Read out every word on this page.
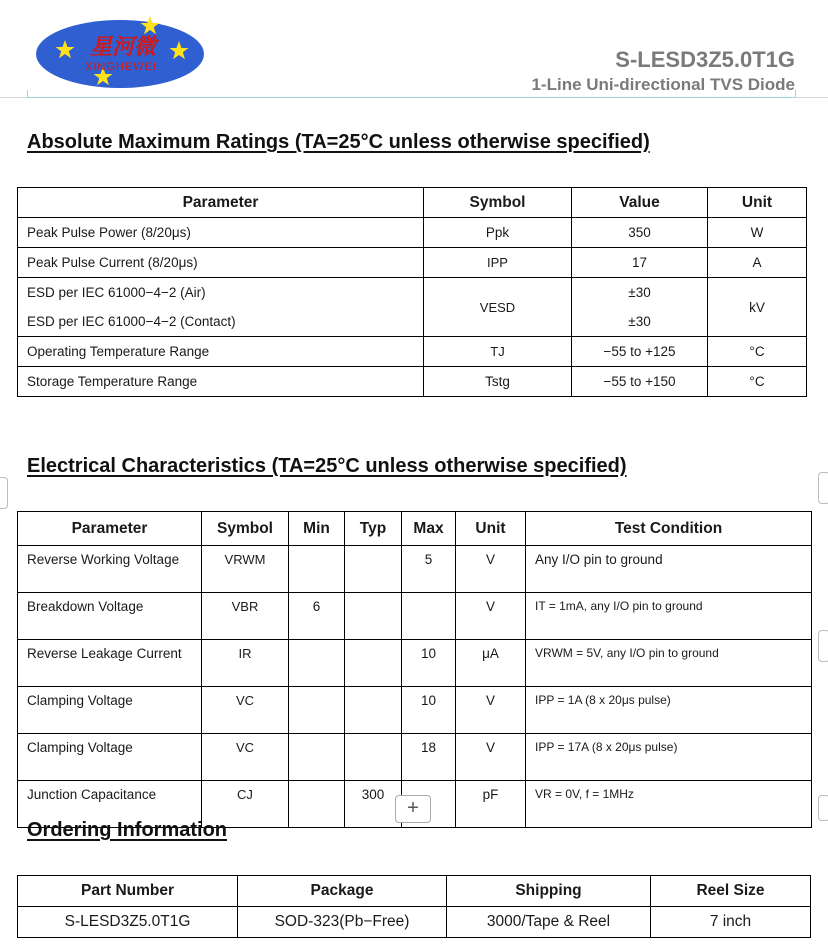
星河微
XINGHEWEI	S-LESD3Z5.0T1G
1-Line Uni-directional TVS Diode
Absolute Maximum Ratings (TA=25°C unless otherwise specified)
Parameter	Symbol	Value	Unit
Peak Pulse Power (8/20μs)	Ppk	350	W
Peak Pulse Current (8/20μs)	IPP	17	A
ESD per IEC 61000−4−2 (Air)	VESD	±30	kV
ESD per IEC 61000−4−2 (Contact)		±30	
Operating Temperature Range	TJ	−55 to +125	°C
Storage Temperature Range	Tstg	−55 to +150	°C
Electrical Characteristics (TA=25°C unless otherwise specified)
Parameter	Symbol	Min	Typ	Max	Unit	Test Condition
Reverse Working Voltage	VRWM			5	V	Any I/O pin to ground
Breakdown Voltage	VBR	6			V	IT = 1mA, any I/O pin to ground
Reverse Leakage Current	IR			10	μA	VRWM = 5V, any I/O pin to ground
Clamping Voltage	VC			10	V	IPP = 1A (8 x 20μs pulse)
Clamping Voltage	VC			18	V	IPP = 17A (8 x 20μs pulse)
Junction Capacitance	CJ		300		pF	VR = 0V, f = 1MHz
+
Ordering Information
Part Number	Package	Shipping	Reel Size
S-LESD3Z5.0T1G	SOD-323(Pb−Free)	3000/Tape & Reel	7 inch
